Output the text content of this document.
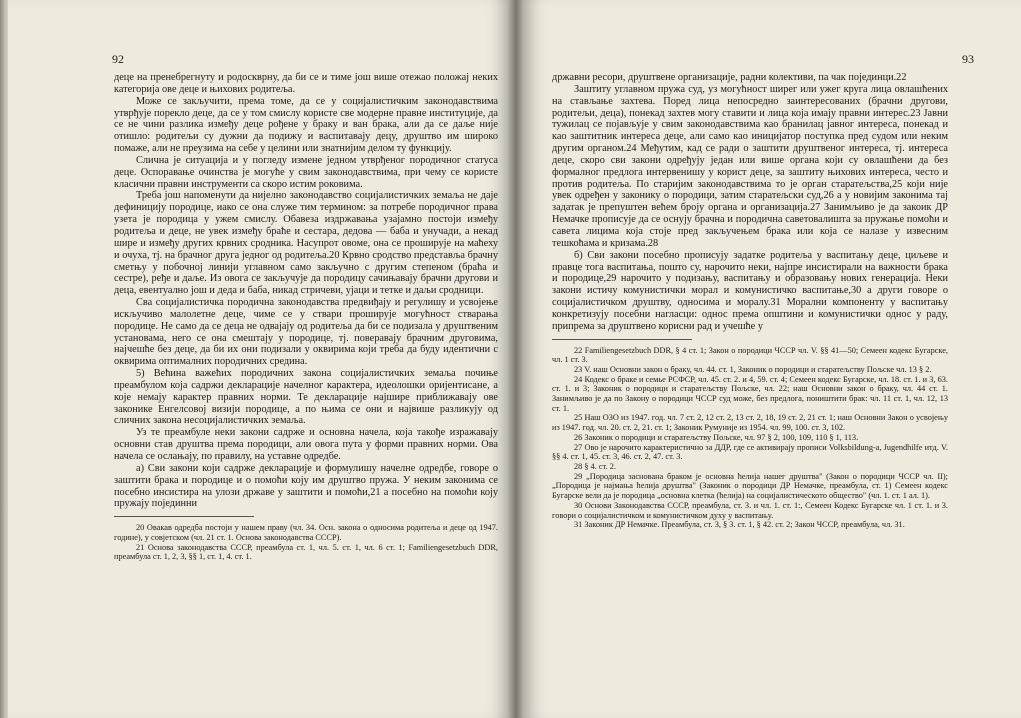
92

деце на пренебрегнуту и родоскврну, да би се и тиме још више отежао положај неких категорија ове деце и њихових родитеља.

Може се закључити, према томе, да се у социјалистичким законодавствима утврђује порекло деце, да се у том смислу користе све модерне правне институције, да се не чини разлика између деце рођене у браку и ван брака, али да се даље није отишло: родитељи су дужни да подижу и васпитавају децу, друштво им широко помаже, али не преузима на себе у целини или знатнијим делом ту функцију.

Слична је ситуација и у погледу измене једном утврђеног породичног статуса деце. Оспоравање очинства је могуће у свим законодавствима, при чему се користе класични правни инструменти са скоро истим роковима.

Треба још напоменути да нијелно законодавство социјалистичких земаља не даје дефиницију породице, иако се она служе тим термином: за потребе породичног права узета је породица у ужем смислу. Обавеза издржавања узајамно постоји између родитеља и деце, не увек између браће и сестара, дедова — баба и унучади, а некад шире и између других крвних сродника. Насупрот овоме, она се проширује на маћеху и очуха, тј. на брачног друга једног од родитеља.20 Крвно сродство представља брачну сметњу у побочној линији углавном само закључно с другим степеном (браћа и сестре), ређе и даље. Из овога се закључује да породицу сачињавају брачни другови и деца, евентуално још и деда и баба, никад стричеви, ујаци и тетке и даљи сродници.

Сва социјалистичка породична законодавства предвиђају и регулишу и усвојење искључиво малолетне деце, чиме се у ствари проширује могућност стварања породице. Не само да се деца не одвајају од родитеља да би се подизала у друштвеним установама, него се она смештају у породице, тј. поверавају брачним друговима, најчешће без деце, да би их они подизали у оквирима који треба да буду идентични с оквирима оптималних породичних средина.

5) Већина важећих породичних закона социјалистичких земаља почиње преамбулом која садржи декларације начелног карактера, идеолошки оријентисане, а које немају карактер правних норми. Те декларације најшире приближавају ове законике Енгелсовој визији породице, а по њима се они и највише разликују од сличних закона несоцијалистичких земаља.

Уз те преамбуле неки закони садрже и основна начела, која такође изражавају основни став друштва према породици, али овога пута у форми правних норми. Ова начела се ослањају, по правилу, на уставне одредбе.

а) Сви закони који садрже декларације и формулишу начелне одредбе, говоре о заштити брака и породице и о помоћи коју им друштво пружа. У неким законима се посебно инсистира на улози државе у заштити и помоћи,21 а посебно на помоћи коју пружају појединни

20 Овакав одредба постоји у нашем праву (чл. 34. Осн. закона о односима родитеља и деце од 1947. године), у совјетском (чл. 21 ст. 1. Основа законодавства СССР).

21 Основа законодавства СССР, преамбула ст. 1, чл. 5. ст. 1, чл. 6 ст. 1; Familiengesetzbuch DDR, преамбула ст. 1, 2, 3, §§ 1, ст. 1, 4. ст. 1.

93

државни ресори, друштвене организације, радни колективи, па чак појединци.22

Заштиту углавном пружа суд, уз могућност ширег или ужег круга лица овлашћених на стављање захтева. Поред лица непосредно заинтересованих (брачни другови, родитељи, деца), понекад захтев могу ставити и лица која имају правни интерес.23 Јавни тужилац се појављује у свим законодавствима као бранилац јавног интереса, понекад и као заштитник интереса деце, али само као иницијатор поступка пред судом или неким другим органом.24 Међутим, кад се ради о заштити друштвеног интереса, тј. интереса деце, скоро сви закони одређују један или више органа који су овлашћени да без формалног предлога интервенишу у корист деце, за заштиту њихових интереса, често и против родитеља. По старијим законодавствима то је орган старатељства,25 који није увек одређен у законику о породици, затим старатељски суд,26 а у новијим законима тај задатак је препуштен већем броју органа и организација.27 Занимљиво је да закоик ДР Немачке прописује да се оснују брачна и породична саветовалишта за пружање помоћи и савета лицима која стоје пред закључењем брака или која се налазе у извесним тешкоћама и кризама.28

б) Сви закони посебно прописују задатке родитеља у васпитању деце, циљеве и правце тога васпитања, пошто су, нарочито неки, најпре инсистирали на важности брака и породице,29 нарочито у подизању, васпитању и образовању нових генерација. Неки закони истичу комунистички морал и комунистичко васпитање,30 а други говоре о социјалистичком друштву, односима и моралу.31 Морални компоненту у васпитању конкретизују посебни нагласци: однос према општини и комунистички однос у раду, припрема за друштвено корисни рад и учешће у

22 Familiengesetzbuch DDR, § 4 ст. 1; Закон о породици ЧССР чл. V. §§ 41—50; Семеен кодекс Бугарске, чл. 1 ст. 3.

23 V. наш Основни закон о браку, чл. 44. ст. 1, Законик о породици и старатељству Пољске чл. 13 § 2.

24 Кодекс о браке и семье РСФСР, чл. 45. ст. 2. и 4, 59. ст. 4; Семеен кодекс Бугарске, чл. 18. ст. 1. и 3, 63. ст. 1. и 3; Законик о породици и старатељству Пољске, чл. 22; наш Основни закон о браку, чл. 44 ст. 1. Занимљиво је да по Закону о породици ЧССР суд може, без предлога, поништити брак: чл. 11 ст. 1, чл. 12, 13 ст. 1.

25 Наш ОЗО из 1947. год. чл. 7 ст. 2, 12 ст. 2, 13 ст. 2, 18, 19 ст. 2, 21 ст. 1; наш Основни Закон о усвојењу из 1947. год. чл. 20. ст. 2, 21. ст. 1; Законик Румуније из 1954. чл. 99, 100. ст. 3, 102.

26 Законик о породици и старатељству Пољске, чл. 97 § 2, 100, 109, 110 § 1, 113.

27 Ово је нарочито карактеристично за ДДР, где се активирају прописи Volksbildung-a, Jugendhilfe итд. V. §§ 4. ст. 1, 45. ст. 3, 46. ст. 2, 47. ст. 3.

28 § 4. ст. 2.

29 „Породица заснована браком је основна ћелија нашег друштва" (Закон о породици ЧССР чл. II); „Породица је најмања ћелија друштва" (Законик о породици ДР Немачке, преамбула, ст. 1) Семеен кодекс Бугарске вели да је породица „основна клетка (ћелија) на социјалистическото общество" (чл. 1. ст. 1 ал. 1).

30 Основи Законодавства СССР, преамбула, ст. 3. и чл. 1. ст. 1:, Семеен Кодекс Бугарске чл. 1 ст. 1. и 3. говори о социјалистичком и комунистичком духу у васпитању.

31 Законик ДР Немачке. Преамбула, ст. 3, § 3. ст. 1, § 42. ст. 2; Закон ЧССР, преамбула, чл. 31.
